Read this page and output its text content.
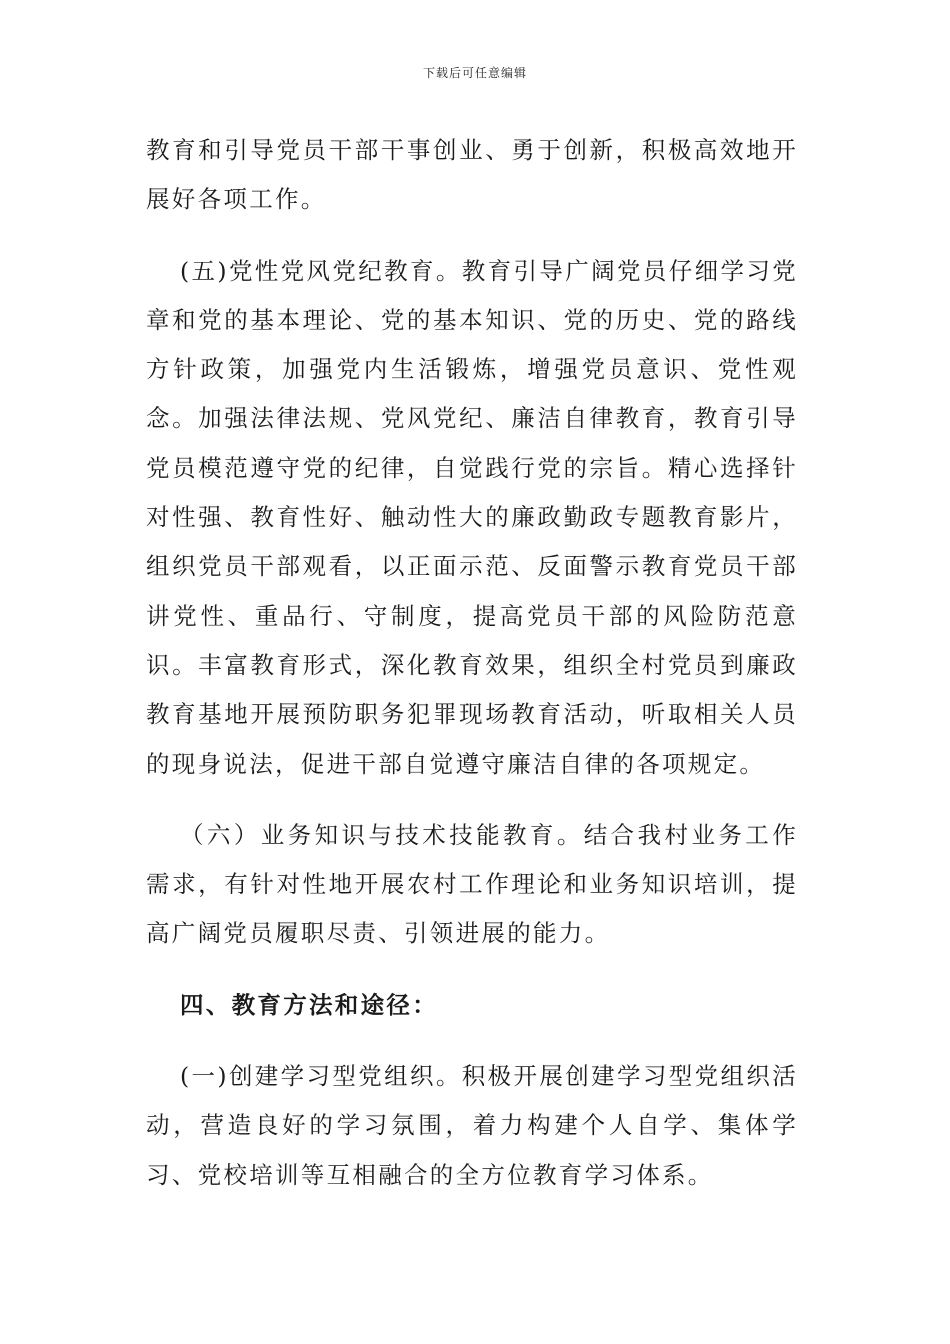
下载后可任意编辑

教育和引导党员干部干事创业、勇于创新，积极高效地开展好各项工作。

(五)党性党风党纪教育。教育引导广阔党员仔细学习党章和党的基本理论、党的基本知识、党的历史、党的路线方针政策，加强党内生活锻炼，增强党员意识、党性观念。加强法律法规、党风党纪、廉洁自律教育，教育引导党员模范遵守党的纪律，自觉践行党的宗旨。精心选择针对性强、教育性好、触动性大的廉政勤政专题教育影片，组织党员干部观看，以正面示范、反面警示教育党员干部讲党性、重品行、守制度，提高党员干部的风险防范意识。丰富教育形式，深化教育效果，组织全村党员到廉政教育基地开展预防职务犯罪现场教育活动，听取相关人员的现身说法，促进干部自觉遵守廉洁自律的各项规定。

（六）业务知识与技术技能教育。结合我村业务工作需求，有针对性地开展农村工作理论和业务知识培训，提高广阔党员履职尽责、引领进展的能力。

四、教育方法和途径：

(一)创建学习型党组织。积极开展创建学习型党组织活动，营造良好的学习氛围，着力构建个人自学、集体学习、党校培训等互相融合的全方位教育学习体系。
